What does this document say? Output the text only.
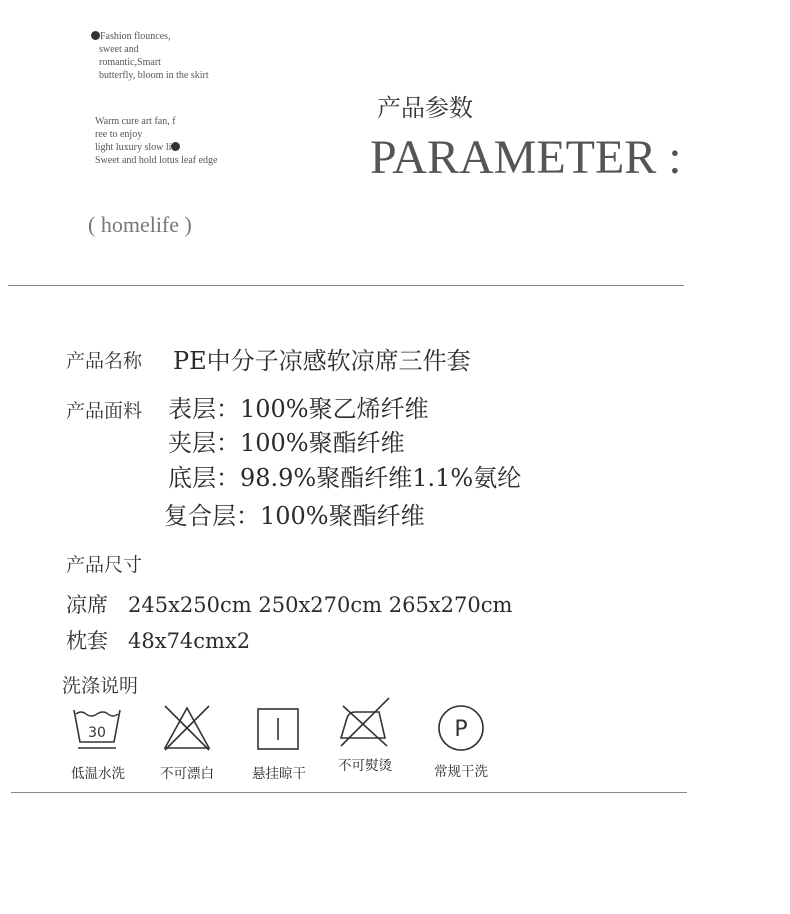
Fashion flounces,
sweet and
romantic,Smart
butterfly, bloom in the skirt
Warm cure art fan, f
ree to enjoy
light luxury slow li
Sweet and hold lotus leaf edge
( homelife )
产品参数
PARAMETER :
产品名称 PE中分子凉感软凉席三件套
产品面料 表层：100%聚乙烯纤维
夹层：100%聚酯纤维
底层：98.9%聚酯纤维1.1%氨纶
复合层：100%聚酯纤维
产品尺寸
凉席 245x250cm 250x270cm 265x270cm
枕套 48x74cmx2
洗涤说明
30
低温水洗	不可漂白	悬挂晾干	不可熨烫
P
常规干洗
